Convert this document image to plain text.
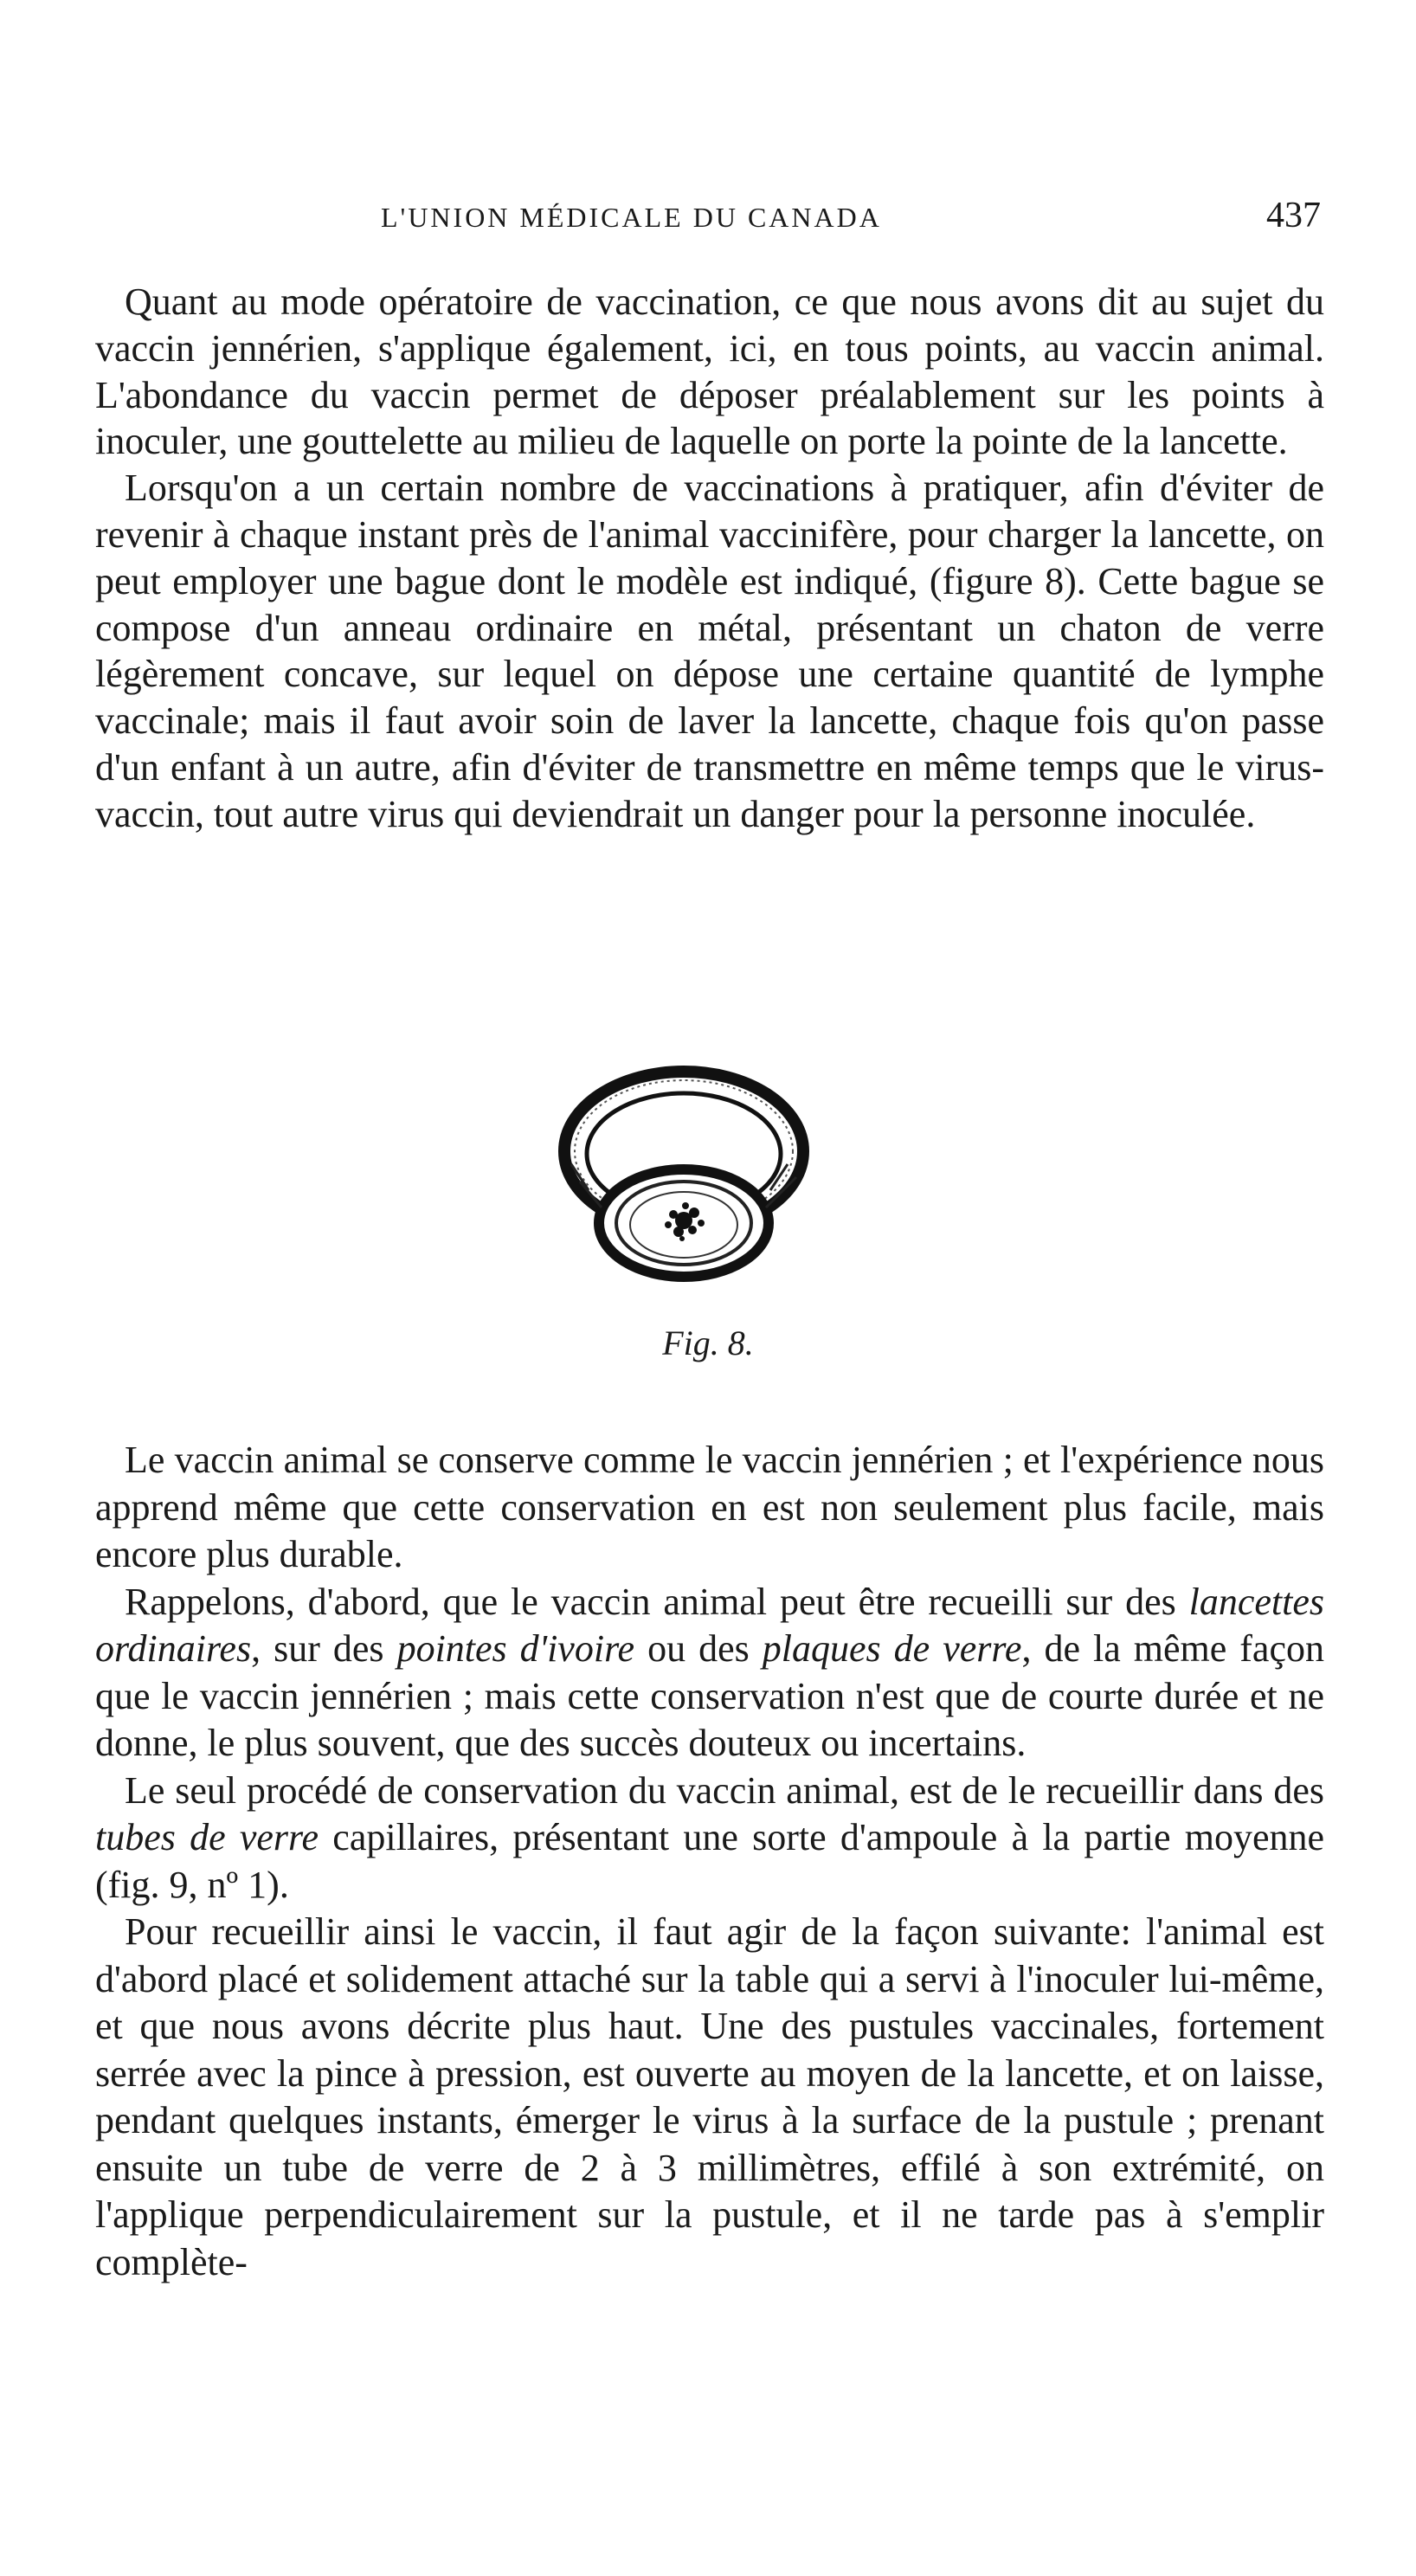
L'UNION MÉDICALE DU CANADA	437

Quant au mode opératoire de vaccination, ce que nous avons dit au sujet du vaccin jennérien, s'applique également, ici, en tous points, au vaccin animal. L'abondance du vaccin permet de déposer préalablement sur les points à inoculer, une gouttelette au milieu de laquelle on porte la pointe de la lancette.

Lorsqu'on a un certain nombre de vaccinations à pratiquer, afin d'éviter de revenir à chaque instant près de l'animal vaccinifère, pour charger la lancette, on peut employer une bague dont le modèle est indiqué, (figure 8). Cette bague se compose d'un anneau ordinaire en métal, présentant un chaton de verre légèrement concave, sur lequel on dépose une certaine quantité de lymphe vaccinale; mais il faut avoir soin de laver la lancette, chaque fois qu'on passe d'un enfant à un autre, afin d'éviter de transmettre en même temps que le virus-vaccin, tout autre virus qui deviendrait un danger pour la personne inoculée.

Fig. 8.

Le vaccin animal se conserve comme le vaccin jennérien ; et l'expérience nous apprend même que cette conservation en est non seulement plus facile, mais encore plus durable.

Rappelons, d'abord, que le vaccin animal peut être recueilli sur des lancettes ordinaires, sur des pointes d'ivoire ou des plaques de verre, de la même façon que le vaccin jennérien ; mais cette conservation n'est que de courte durée et ne donne, le plus souvent, que des succès douteux ou incertains.

Le seul procédé de conservation du vaccin animal, est de le recueillir dans des tubes de verre capillaires, présentant une sorte d'ampoule à la partie moyenne (fig. 9, nº 1).

Pour recueillir ainsi le vaccin, il faut agir de la façon suivante: l'animal est d'abord placé et solidement attaché sur la table qui a servi à l'inoculer lui-même, et que nous avons décrite plus haut. Une des pustules vaccinales, fortement serrée avec la pince à pression, est ouverte au moyen de la lancette, et on laisse, pendant quelques instants, émerger le virus à la surface de la pustule ; prenant ensuite un tube de verre de 2 à 3 millimètres, effilé à son extrémité, on l'applique perpendiculairement sur la pustule, et il ne tarde pas à s'emplir complète-
